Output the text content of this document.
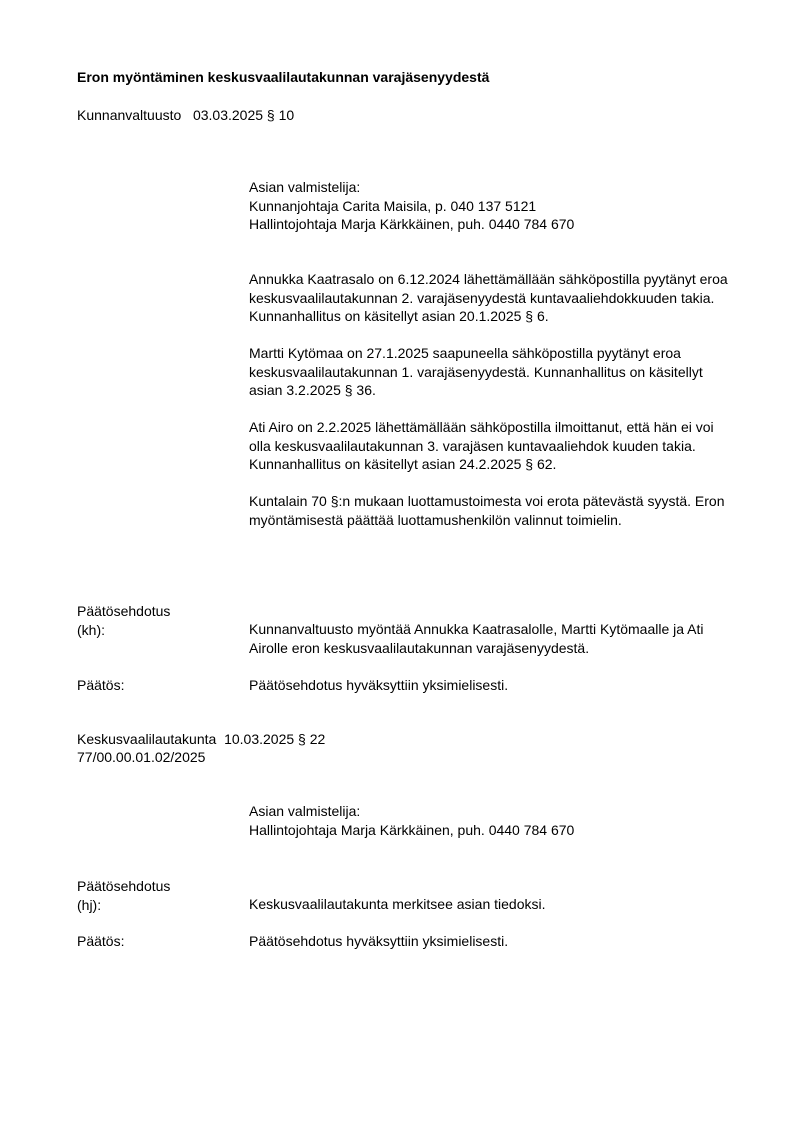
Eron myöntäminen keskusvaalilautakunnan varajäsenyydestä
Kunnanvaltuusto   03.03.2025 § 10

Asian valmistelija:

Kunnanjohtaja Carita Maisila, p. 040 137 5121

Hallintojohtaja Marja Kärkkäinen, puh. 0440 784 670

Annukka Kaatrasalo on 6.12.2024 lähettämällään sähköpostilla pyytänyt eroa keskusvaalilautakunnan 2. varajäsenyydestä kuntavaaliehdokkuuden takia. Kunnanhallitus on käsitellyt asian 20.1.2025 § 6.

Martti Kytömaa on 27.1.2025 saapuneella sähköpostilla pyytänyt eroa keskusvaalilautakunnan 1. varajäsenyydestä. Kunnanhallitus on käsitellyt asian 3.2.2025 § 36.

Ati Airo on 2.2.2025 lähettämällään sähköpostilla ilmoittanut, että hän ei voi olla keskusvaalilautakunnan 3. varajäsen kuntavaaliehdok kuuden takia. Kunnanhallitus on käsitellyt asian 24.2.2025 § 62.

Kuntalain 70 §:n mukaan luottamustoimesta voi erota pätevästä syystä. Eron myöntämisestä päättää luottamushenkilön valinnut toimielin.

Päätösehdotus
(kh):	Kunnanvaltuusto myöntää Annukka Kaatrasalolle, Martti Kytömaalle ja Ati Airolle eron keskusvaalilautakunnan varajäsenyydestä.
Päätös:	Päätösehdotus hyväksyttiin yksimielisesti.
Keskusvaalilautakunta  10.03.2025 § 22
77/00.00.01.02/2025

Asian valmistelija:

Hallintojohtaja Marja Kärkkäinen, puh. 0440 784 670

Päätösehdotus
(hj):	Keskusvaalilautakunta merkitsee asian tiedoksi.
Päätös:	Päätösehdotus hyväksyttiin yksimielisesti.
